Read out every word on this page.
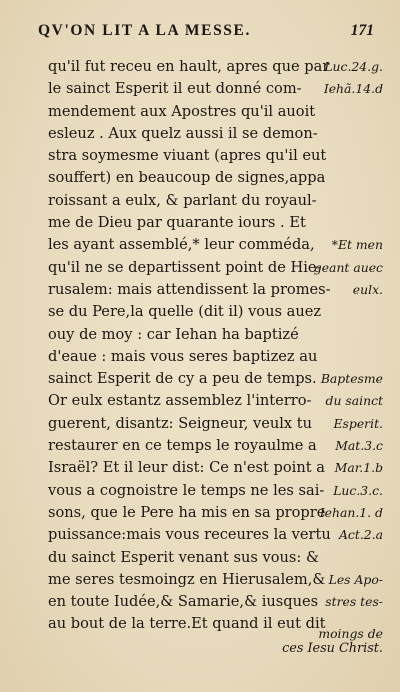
QV'ON LIT A LA MESSE.	171
qu'il fut receu en hault, apres que par
Luc.24.g.
le sainct Esperit il eut donné com- Iehã.14.d
mendement aux Apostres qu'il auoit
esleuz . Aux quelz aussi il se demon-
stra soymesme viuant (apres qu'il eut
souffert) en beaucoup de signes,appa
roissant a eulx, & parlant du royaul-
me de Dieu par quarante iours . Et
les ayant assemblé,* leur comméda, *Et men
qu'il ne se departissent point de Hie-
geant auec
rusalem: mais attendissent la promes- eulx.
se du Pere,la quelle (dit il) vous auez
ouy de moy : car Iehan ha baptizé
d'eaue : mais vous seres baptizez au
sainct Esperit de cy a peu de temps. Baptesme
Or eulx estantz assemblez l'interro- du sainct
guerent, disantz: Seigneur, veulx tu Esperit.
restaurer en ce temps le royaulme a Mat.3.c
Israël? Et il leur dist: Ce n'est point a Mar.1.b
vous a cognoistre le temps ne les sai- Luc.3.c.
sons, que le Pere ha mis en sa propre
Iehan.1. d
puissance:mais vous receures la vertu Act.2.a
du sainct Esperit venant sus vous: &
me seres tesmoingz en Hierusalem,& Les Apo-
en toute Iudée,& Samarie,& iusques stres tes-
au bout de la terre.Et quand il eut dit
moings de
ces Iesu Christ.
